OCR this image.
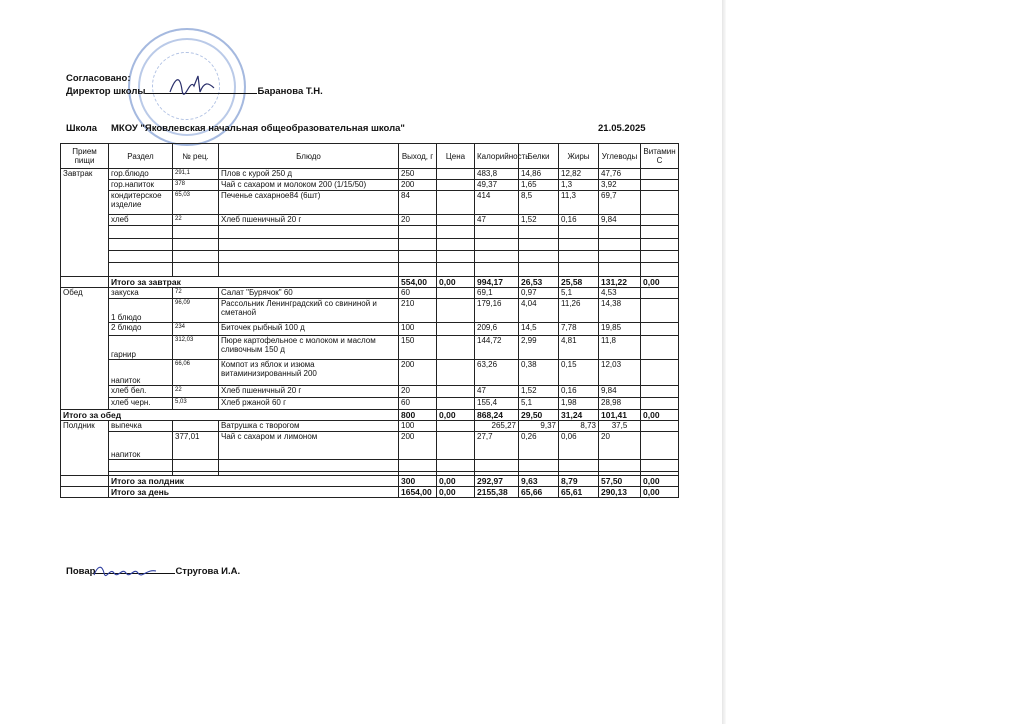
Согласовано:
Директор школы	Баранова Т.Н.
Школа МКОУ "Яковлевская начальная общеобразовательная школа"	21.05.2025
Прием пищи	Раздел	№ рец.	Блюдо	Выход, г	Цена	Калорийность	Белки	Жиры	Углеводы	Витамин С
Завтрак	гор.блюдо	291,1	Плов с курой 250 д	250		483,8	14,86	12,82	47,76	
	гор.напиток	378	Чай с сахаром и молоком 200 (1/15/50)	200		49,37	1,65	1,3	3,92	
	кондитерское изделие	65,03	Печенье сахарное84 (6шт)	84		414	8,5	11,3	69,7	
	хлеб	22	Хлеб пшеничный 20 г	20		47	1,52	0,16	9,84	

	Итого за завтрак			554,00	0,00	994,17	26,53	25,58	131,22	0,00
Обед	закуска	72	Салат "Бурячок" 60	60		69,1	0,97	5,1	4,53	
	1 блюдо	96,09	Рассольник Ленинградский со свининой и сметаной	210		179,16	4,04	11,26	14,38	
	2 блюдо	234	Биточек рыбный 100 д	100		209,6	14,5	7,78	19,85	
	гарнир	312,03	Пюре картофельное с молоком и маслом сливочным 150 д	150		144,72	2,99	4,81	11,8	
	напиток	66,06	Компот из яблок и изюма витаминизированный 200	200		63,26	0,38	0,15	12,03	
	хлеб бел.	22	Хлеб пшеничный 20 г	20		47	1,52	0,16	9,84	
	хлеб черн.	5,03	Хлеб ржаной 60 г	60		155,4	5,1	1,98	28,98	
Итого за обед				800	0,00	868,24	29,50	31,24	101,41	0,00
Полдник	выпечка		Ватрушка с творогом	100		265,27	9,37	8,73	37,5	
	напиток	377,01	Чай с сахаром и лимоном	200		27,7	0,26	0,06	20	

	Итого за полдник			300	0,00	292,97	9,63	8,79	57,50	0,00
	Итого за день			1654,00	0,00	2155,38	65,66	65,61	290,13	0,00
Повар	Стругова И.А.
